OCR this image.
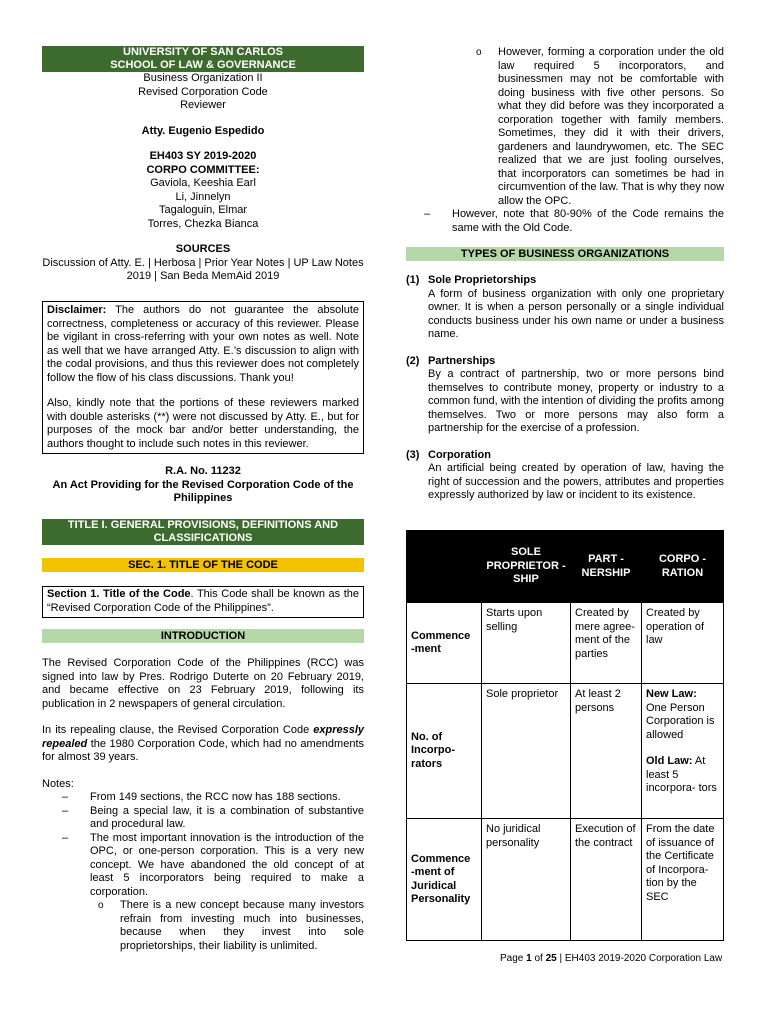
UNIVERSITY OF SAN CARLOS
SCHOOL OF LAW & GOVERNANCE
Business Organization II
Revised Corporation Code
Reviewer
Atty. Eugenio Espedido
EH403 SY 2019-2020
CORPO COMMITTEE:
Gaviola, Keeshia Earl
Li, Jinnelyn
Tagaloguin, Elmar
Torres, Chezka Bianca
SOURCES
Discussion of Atty. E. | Herbosa | Prior Year Notes | UP Law Notes 2019 | San Beda MemAid 2019

Disclaimer: The authors do not guarantee the absolute correctness, completeness or accuracy of this reviewer. Please be vigilant in cross-referring with your own notes as well. Note as well that we have arranged Atty. E.’s discussion to align with the codal provisions, and thus this reviewer does not completely follow the flow of his class discussions. Thank you!

Also, kindly note that the portions of these reviewers marked with double asterisks (**) were not discussed by Atty. E., but for purposes of the mock bar and/or better understanding, the authors thought to include such notes in this reviewer.

R.A. No. 11232
An Act Providing for the Revised Corporation Code of the Philippines
TITLE I. GENERAL PROVISIONS, DEFINITIONS AND CLASSIFICATIONS
SEC. 1. TITLE OF THE CODE
Section 1. Title of the Code. This Code shall be known as the “Revised Corporation Code of the Philippines”.
INTRODUCTION

The Revised Corporation Code of the Philippines (RCC) was signed into law by Pres. Rodrigo Duterte on 20 February 2019, and became effective on 23 February 2019, following its publication in 2 newspapers of general circulation.

In its repealing clause, the Revised Corporation Code expressly repealed the 1980 Corporation Code, which had no amendments for almost 39 years.

Notes:

– From 149 sections, the RCC now has 188 sections.
– Being a special law, it is a combination of substantive and procedural law.
– The most important innovation is the introduction of the OPC, or one-person corporation. This is a very new concept. We have abandoned the old concept of at least 5 incorporators being required to make a corporation.
o There is a new concept because many investors refrain from investing much into businesses, because when they invest into sole proprietorships, their liability is unlimited.
o However, forming a corporation under the old law required 5 incorporators, and businessmen may not be comfortable with doing business with five other persons. So what they did before was they incorporated a corporation together with family members. Sometimes, they did it with their drivers, gardeners and laundrywomen, etc. The SEC realized that we are just fooling ourselves, that incorporators can sometimes be had in circumvention of the law. That is why they now allow the OPC.
– However, note that 80-90% of the Code remains the same with the Old Code.
TYPES OF BUSINESS ORGANIZATIONS
(1) Sole Proprietorships
A form of business organization with only one proprietary owner. It is when a person personally or a single individual conducts business under his own name or under a business name.
(2) Partnerships
By a contract of partnership, two or more persons bind themselves to contribute money, property or industry to a common fund, with the intention of dividing the profits among themselves. Two or more persons may also form a partnership for the exercise of a profession.
(3) Corporation
An artificial being created by operation of law, having the right of succession and the powers, attributes and properties expressly authorized by law or incident to its existence.
	SOLE PROPRIETOR -SHIP	PART -NERSHIP	CORPO -RATION
Commence -ment	Starts upon selling	Created by mere agree- ment of the parties	Created by operation of law
No. of Incorpo- rators	Sole proprietor	At least 2 persons	New Law: One Person Corporation is allowed
Old Law: At least 5 incorpora- tors

Commence -ment of Juridical Personality	No juridical personality	Execution of the contract	From the date of issuance of the Certificate of Incorpora- tion by the SEC
Page 1 of 25 | EH403 2019-2020 Corporation Law
